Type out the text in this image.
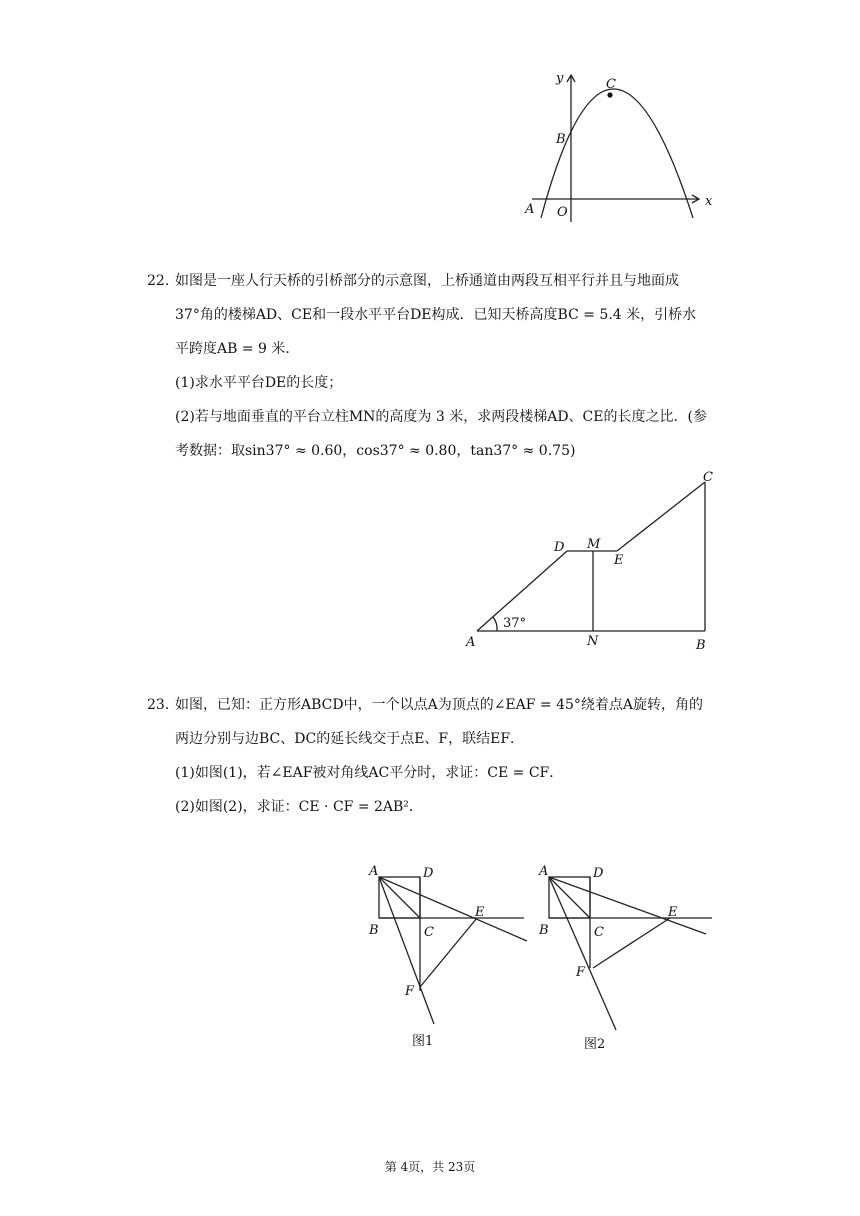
y
x
C
B
A O
22. 如图是一座人行天桥的引桥部分的示意图，上桥通道由两段互相平行并且与地面成
37°角的楼梯AD、CE和一段水平平台DE构成．已知天桥高度BC = 5.4 米，引桥水
平跨度AB = 9 米．
(1)求水平平台DE的长度；
(2)若与地面垂直的平台立柱MN的高度为 3 米，求两段楼梯AD、CE的长度之比．(参
考数据：取sin37° ≈ 0.60，cos37° ≈ 0.80，tan37° ≈ 0.75)
C
D M
E
A	N	B
37°
23. 如图，已知：正方形ABCD中，一个以点A为顶点的∠EAF = 45°绕着点A旋转，角的
两边分别与边BC、DC的延长线交于点E、F，联结EF．
(1)如图(1)，若∠EAF被对角线AC平分时，求证：CE = CF．
(2)如图(2)，求证：CE · CF = 2AB²．
A	D
B	C
E
F
图1
A	D
B	C
E
F
图2
第 4页，共 23页
